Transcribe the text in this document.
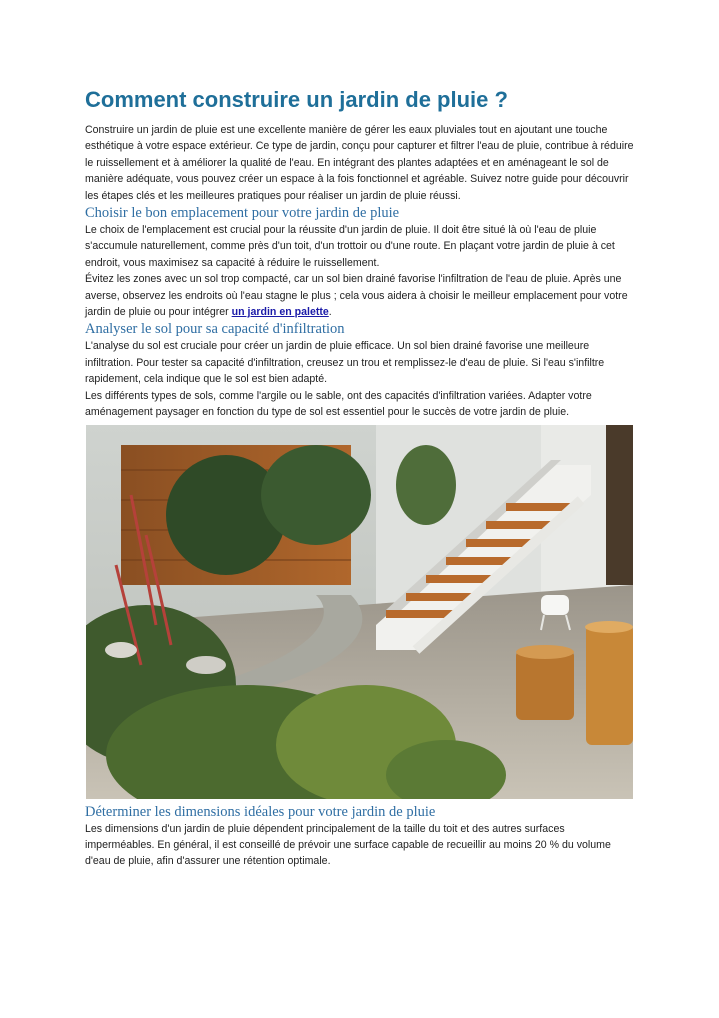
Comment construire un jardin de pluie ?

Construire un jardin de pluie est une excellente manière de gérer les eaux pluviales tout en ajoutant une touche esthétique à votre espace extérieur. Ce type de jardin, conçu pour capturer et filtrer l'eau de pluie, contribue à réduire le ruissellement et à améliorer la qualité de l'eau. En intégrant des plantes adaptées et en aménageant le sol de manière adéquate, vous pouvez créer un espace à la fois fonctionnel et agréable. Suivez notre guide pour découvrir les étapes clés et les meilleures pratiques pour réaliser un jardin de pluie réussi.

Choisir le bon emplacement pour votre jardin de pluie

Le choix de l'emplacement est crucial pour la réussite d'un jardin de pluie. Il doit être situé là où l'eau de pluie s'accumule naturellement, comme près d'un toit, d'un trottoir ou d'une route. En plaçant votre jardin de pluie à cet endroit, vous maximisez sa capacité à réduire le ruissellement.

Évitez les zones avec un sol trop compacté, car un sol bien drainé favorise l'infiltration de l'eau de pluie. Après une averse, observez les endroits où l'eau stagne le plus ; cela vous aidera à choisir le meilleur emplacement pour votre jardin de pluie ou pour intégrer un jardin en palette.

Analyser le sol pour sa capacité d'infiltration

L'analyse du sol est cruciale pour créer un jardin de pluie efficace. Un sol bien drainé favorise une meilleure infiltration. Pour tester sa capacité d'infiltration, creusez un trou et remplissez-le d'eau de pluie. Si l'eau s'infiltre rapidement, cela indique que le sol est bien adapté.

Les différents types de sols, comme l'argile ou le sable, ont des capacités d'infiltration variées. Adapter votre aménagement paysager en fonction du type de sol est essentiel pour le succès de votre jardin de pluie.

Déterminer les dimensions idéales pour votre jardin de pluie

Les dimensions d'un jardin de pluie dépendent principalement de la taille du toit et des autres surfaces imperméables. En général, il est conseillé de prévoir une surface capable de recueillir au moins 20 % du volume d'eau de pluie, afin d'assurer une rétention optimale.
